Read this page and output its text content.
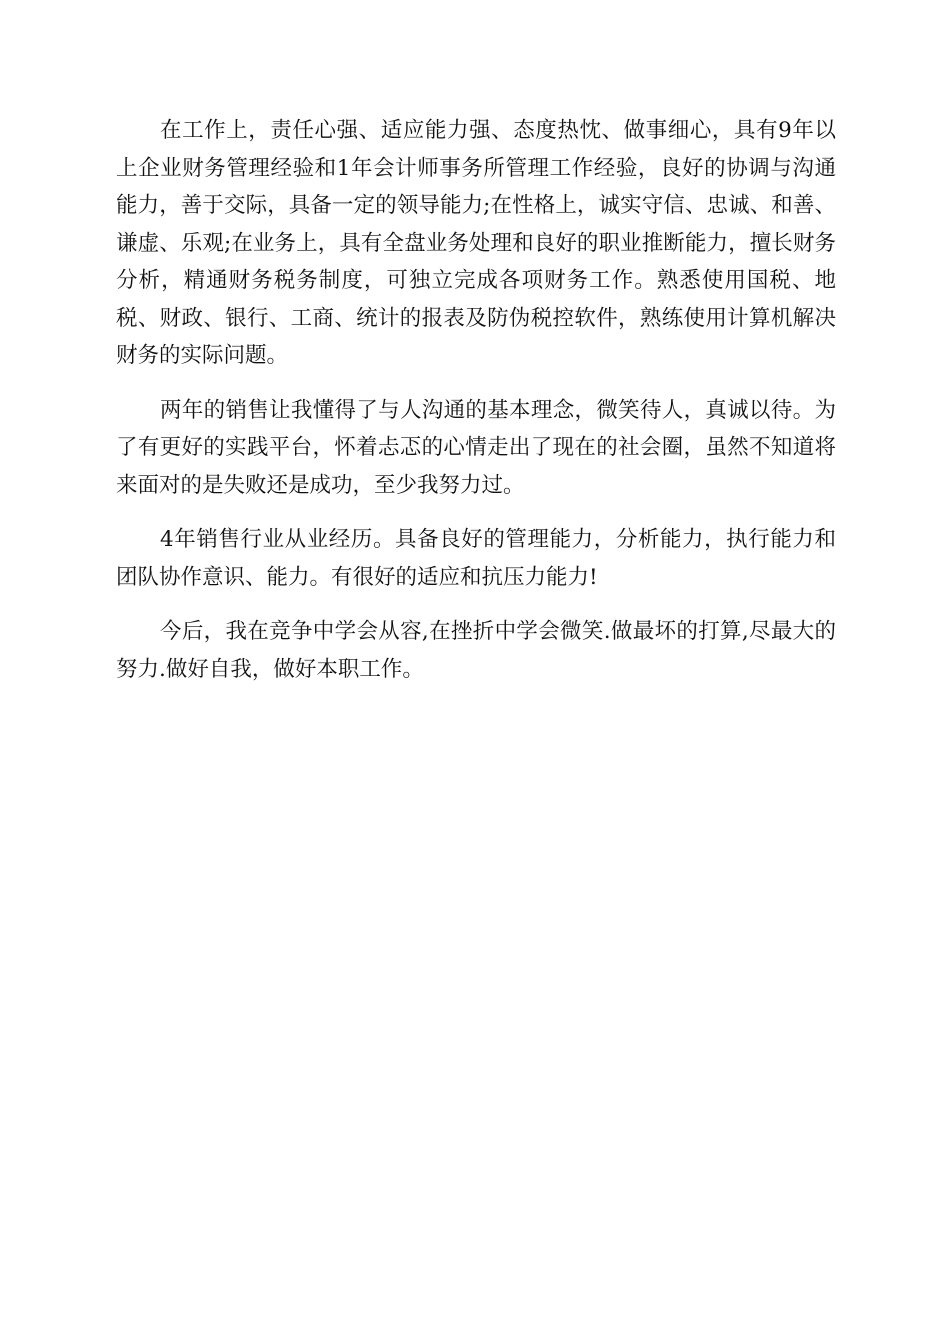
在工作上，责任心强、适应能力强、态度热忱、做事细心，具有9年以上企业财务管理经验和1年会计师事务所管理工作经验，良好的协调与沟通能力，善于交际，具备一定的领导能力;在性格上，诚实守信、忠诚、和善、谦虚、乐观;在业务上，具有全盘业务处理和良好的职业推断能力，擅长财务分析，精通财务税务制度，可独立完成各项财务工作。熟悉使用国税、地税、财政、银行、工商、统计的报表及防伪税控软件，熟练使用计算机解决财务的实际问题。

两年的销售让我懂得了与人沟通的基本理念，微笑待人，真诚以待。为了有更好的实践平台，怀着忐忑的心情走出了现在的社会圈，虽然不知道将来面对的是失败还是成功，至少我努力过。

4年销售行业从业经历。具备良好的管理能力，分析能力，执行能力和团队协作意识、能力。有很好的适应和抗压力能力!

今后，我在竞争中学会从容,在挫折中学会微笑.做最坏的打算,尽最大的努力.做好自我，做好本职工作。
